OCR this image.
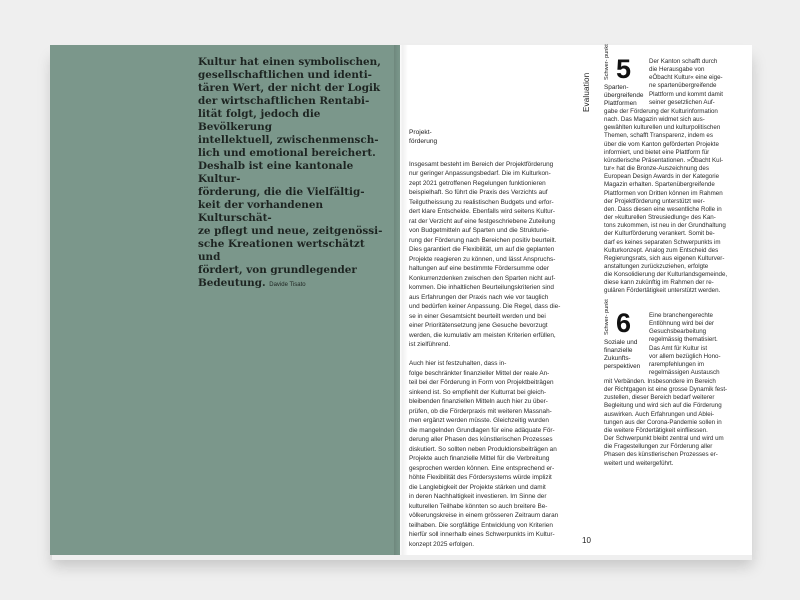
Kultur hat einen symbolischen,
gesellschaftlichen und identi-
tären Wert, der nicht der Logik
der wirtschaftlichen Rentabi-
lität folgt, jedoch die Bevölkerung
intellektuell, zwischenmensch-
lich und emotional bereichert.
Deshalb ist eine kantonale Kultur-
förderung, die die Vielfältig-
keit der vorhandenen Kulturschät-
ze pflegt und neue, zeitgenössi-
sche Kreationen wertschätzt und
fördert, von grundlegender
Bedeutung. Davide Tisato
Projekt-
förderung

Insgesamt besteht im Bereich der Projektförderung
nur geringer Anpassungsbedarf. Die im Kulturkon-
zept 2021 getroffenen Regelungen funktionieren
beispielhaft. So führt die Praxis des Verzichts auf
Teilgutheissung zu realistischen Budgets und erfor-
dert klare Entscheide. Ebenfalls wird seitens Kultur-
rat der Verzicht auf eine festgeschriebene Zuteilung
von Budgetmitteln auf Sparten und die Strukturie-
rung der Förderung nach Bereichen positiv beurteilt.
Dies garantiert die Flexibilität, um auf die geplanten
Projekte reagieren zu können, und lässt Anspruchs-
haltungen auf eine bestimmte Fördersumme oder
Konkurrenzdenken zwischen den Sparten nicht auf-
kommen. Die inhaltlichen Beurteilungskriterien sind
aus Erfahrungen der Praxis nach wie vor tauglich
und bedürfen keiner Anpassung. Die Regel, dass die-
se in einer Gesamtsicht beurteilt werden und bei
einer Prioritätensetzung jene Gesuche bevorzugt
werden, die kumulativ am meisten Kriterien erfüllen,
ist zielführend.

Auch hier ist festzuhalten, dass in-
folge beschränkter finanzieller Mittel der reale An-
teil bei der Förderung in Form von Projektbeiträgen
sinkend ist. So empfiehlt der Kulturrat bei gleich-
bleibenden finanziellen Mitteln auch hier zu über-
prüfen, ob die Förderpraxis mit weiteren Massnah-
men ergänzt werden müsste. Gleichzeitig wurden
die mangelnden Grundlagen für eine adäquate För-
derung aller Phasen des künstlerischen Prozesses
diskutiert. So sollten neben Produktionsbeiträgen an
Projekte auch finanzielle Mittel für die Verbreitung
gesprochen werden können. Eine entsprechend er-
höhte Flexibilität des Fördersystems würde implizit
die Langlebigkeit der Projekte stärken und damit
in deren Nachhaltigkeit investieren. Im Sinne der
kulturellen Teilhabe könnten so auch breitere Be-
völkerungskreise in einem grösseren Zeitraum daran
teilhaben. Die sorgfältige Entwicklung von Kriterien
hierfür soll innerhalb eines Schwerpunkts im Kultur-
konzept 2025 erfolgen.

Evaluation
Schwer- punkt 5
Sparten-
übergreifende
Plattformen
Der Kanton schafft durch
die Herausgabe von
eÖbacht Kultur« eine eige-
ne spartenübergreifende
Plattform und kommt damit
seiner gesetzlichen Auf-
gabe der Förderung der Kulturinformation
nach. Das Magazin widmet sich aus-
gewählten kulturellen und kulturpolitischen
Themen, schafft Transparenz, indem es
über die vom Kanton geförderten Projekte
informiert, und bietet eine Plattform für
künstlerische Präsentationen. »Öbacht Kul-
tur« hat die Bronze-Auszeichnung des
European Design Awards in der Kategorie
Magazin erhalten. Spartenübergreifende
Plattformen von Dritten können im Rahmen
der Projektförderung unterstützt wer-
den. Dass diesen eine wesentliche Rolle in
der »kulturellen Streusiedlung« des Kan-
tons zukommen, ist neu in der Grundhaltung
der Kulturförderung verankert. Somit be-
darf es keines separaten Schwerpunkts im
Kulturkonzept. Analog zum Entscheid des
Regierungsrats, sich aus eigenen Kulturver-
anstaltungen zurückzuziehen, erfolgte
die Konsolidierung der Kulturlandsgemeinde,
diese kann zukünftig im Rahmen der re-
gulären Fördertätigkeit unterstützt werden.
Schwer- punkt 6
Soziale und
finanzielle
Zukunfts-
perspektiven
Eine branchengerechte
Entlöhnung wird bei der
Gesuchsbearbeitung
regelmässig thematisiert.
Das Amt für Kultur ist
vor allem bezüglich Hono-
rarempfehlungen im
regelmässigen Austausch
mit Verbänden. Insbesondere im Bereich
der Richtgagen ist eine grosse Dynamik fest-
zustellen, dieser Bereich bedarf weiterer
Begleitung und wird sich auf die Förderung
auswirken. Auch Erfahrungen und Ablei-
tungen aus der Corona-Pandemie sollen in
die weitere Fördertätigkeit einfliessen.
Der Schwerpunkt bleibt zentral und wird um
die Fragestellungen zur Förderung aller
Phasen des künstlerischen Prozesses er-
weitert und weitergeführt.
10
